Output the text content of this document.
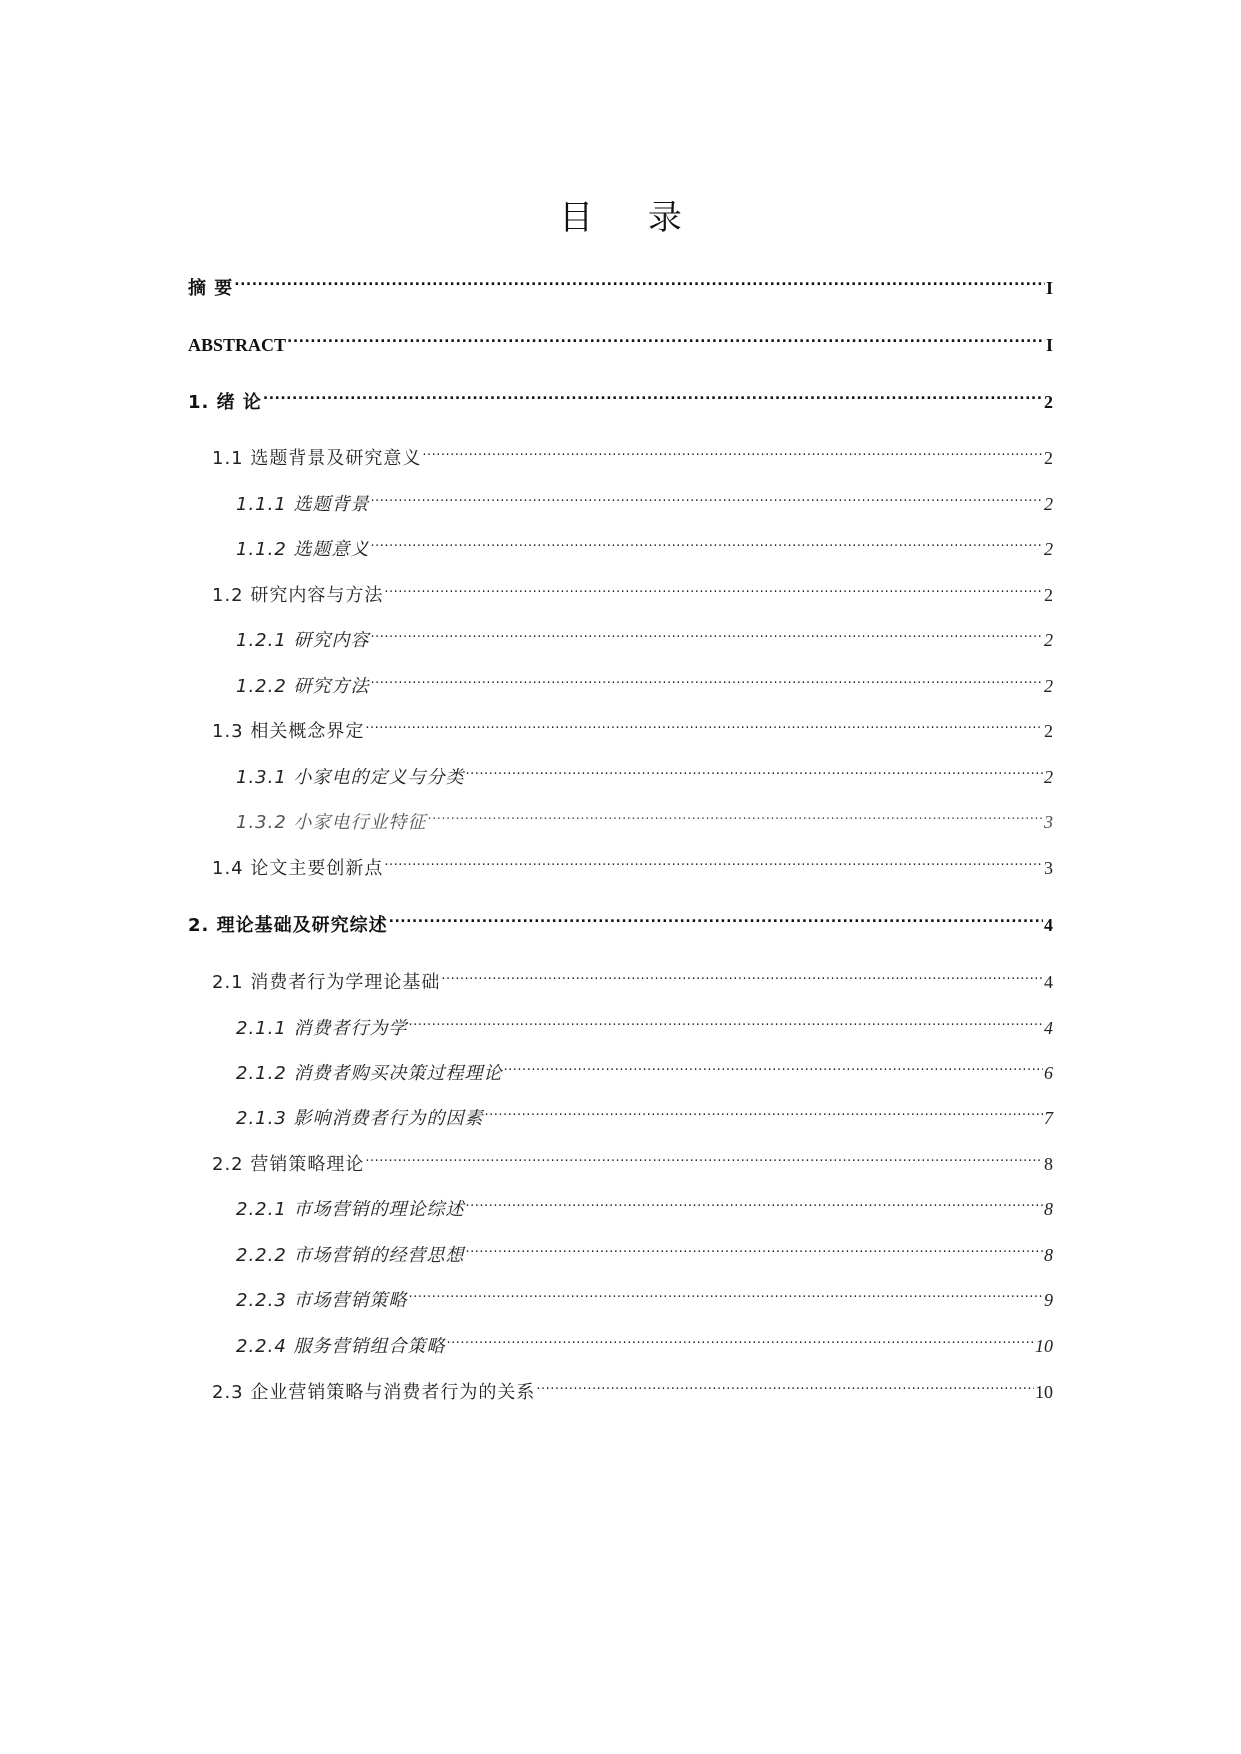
目 录
摘 要 .....	I
ABSTRACT .....	I
1. 绪 论 .....	2
1.1 选题背景及研究意义 .....	2
1.1.1 选题背景 .....	2
1.1.2 选题意义 .....	2
1.2 研究内容与方法 .....	2
1.2.1 研究内容 .....	2
1.2.2 研究方法 .....	2
1.3 相关概念界定 .....	2
1.3.1 小家电的定义与分类 .....	2
1.3.2 小家电行业特征 .....	3
1.4 论文主要创新点 .....	3
2. 理论基础及研究综述 .....	4
2.1 消费者行为学理论基础 .....	4
2.1.1 消费者行为学 .....	4
2.1.2 消费者购买决策过程理论 .....	6
2.1.3 影响消费者行为的因素 .....	7
2.2 营销策略理论 .....	8
2.2.1 市场营销的理论综述 .....	8
2.2.2 市场营销的经营思想 .....	8
2.2.3 市场营销策略 .....	9
2.2.4 服务营销组合策略 .....	10
2.3 企业营销策略与消费者行为的关系 .....	10
